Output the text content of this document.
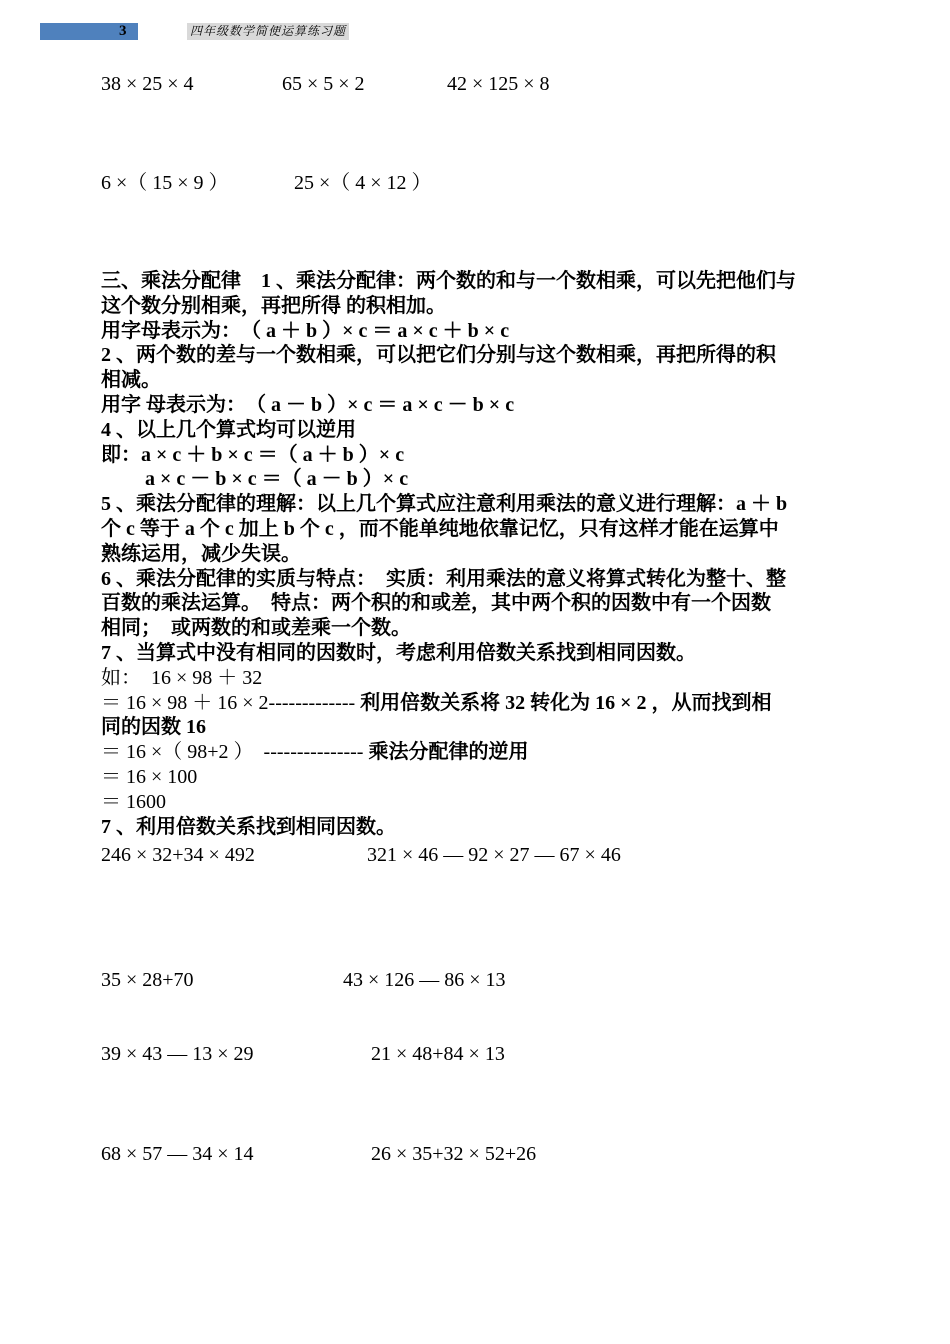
3	四年级数学简便运算练习题
38 × 25 × 4	65 × 5 × 2	42 × 125 × 8
6 ×（ 15 × 9 ）	25 ×（ 4 × 12 ）

三、乘法分配律　1 、乘法分配律：两个数的和与一个数相乘，可以先把他们与

这个数分别相乘，再把所得 的积相加。

用字母表示为：　（ a ＋ b ）× c ＝ a × c ＋ b × c

2 、两个数的差与一个数相乘，可以把它们分别与这个数相乘，再把所得的积

相减。

用字 母表示为：　（ a － b ）× c ＝ a × c － b × c

4 、以上几个算式均可以逆用

即：a × c ＋ b × c ＝（ a ＋ b ）× c

a × c － b × c ＝（ a － b ）× c

5 、乘法分配律的理解：以上几个算式应注意利用乘法的意义进行理解：a ＋ b

个 c 等于 a 个 c 加上 b 个 c ，而不能单纯地依靠记忆，只有这样才能在运算中

熟练运用，减少失误。

6 、乘法分配律的实质与特点：　实质：利用乘法的意义将算式转化为整十、整

百数的乘法运算。　特点：两个积的和或差，其中两个积的因数中有一个因数

相同；　或两数的和或差乘一个数。

7 、当算式中没有相同的因数时，考虑利用倍数关系找到相同因数。

如：　16 × 98 ＋ 32

＝ 16 × 98 ＋ 16 × 2------------- 利用倍数关系将 32 转化为 16 × 2 ，从而找到相

同的因数 16

＝ 16 ×（ 98+2 ）　--------------- 乘法分配律的逆用

＝ 16 × 100

＝ 1600

7 、利用倍数关系找到相同因数。

246 × 32+34 × 492	321 × 46 — 92 × 27 — 67 × 46
35 × 28+70	43 × 126 — 86 × 13
39 × 43 — 13 × 29	21 × 48+84 × 13
68 × 57 — 34 × 14	26 × 35+32 × 52+26
